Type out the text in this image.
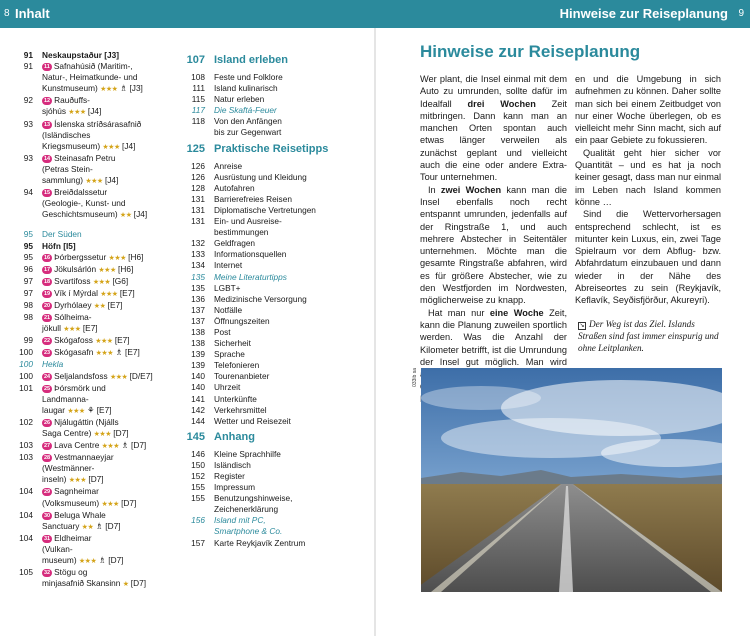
8 Inhalt	Hinweise zur Reiseplanung 9
91	Neskaupstaður [J3]
91	11 Safnahúsið (Maritim-,
Natur-, Heimatkunde- und
Kunstmuseum) ★★★ ♗ [J3]
92	12 Rauðuffs-
sjóhús ★★★ [J4]
93	13 Íslenska stríðsárasafnið
(Isländisches
Kriegsmuseum) ★★★ [J4]
93	14 Steinasafn Petru
(Petras Stein-
sammlung) ★★★ [J4]
94	15 Breiðdalssetur
(Geologie-, Kunst- und
Geschichtsmuseum) ★★ [J4]
95	Der Süden
95	Höfn [I5]
95	16 Þórbergssetur ★★★ [H6]
96	17 Jökulsárlón ★★★ [H6]
97	18 Svartifoss ★★★ [G6]
97	19 Vík í Mýrdal ★★★ [E7]
98	20 Dyrhólaey ★★ [E7]
98	21 Sólheima-
jökull ★★★ [E7]
99	22 Skógafoss ★★★ [E7]
100	23 Skógasafn ★★★ ♗ [E7]
100	Hekla
100	24 Seljalandsfoss ★★★ [D/E7]
101	25 Þórsmörk und
Landmanna-
laugar ★★★ ⚘ [E7]
102	26 Njálugáttin (Njálls
Saga Centre) ★★★ [D7]
103	27 Lava Centre ★★★ ♗ [D7]
103	28 Vestmannaeyjar
(Westmänner-
inseln) ★★★ [D7]
104	29 Sagnheimar
(Volksmuseum) ★★★ [D7]
104	30 Beluga Whale
Sanctuary ★★ ♗ [D7]
104	31 Eldheimar
(Vulkan-
museum) ★★★ ♗ [D7]
105	32 Stögu og
minjasafnið Skansinn ★ [D7]
107 Island erleben
108	Feste und Folklore
111	Island kulinarisch
115	Natur erleben
117	Die Skaftá-Feuer
118	Von den Anfängen
bis zur Gegenwart
125 Praktische Reisetipps
126	Anreise
126	Ausrüstung und Kleidung
128	Autofahren
131	Barrierefreies Reisen
131	Diplomatische Vertretungen
131	Ein- und Ausreise-
bestimmungen
132	Geldfragen
133	Informationsquellen
134	Internet
135	Meine Literaturtipps
135	LGBT+
136	Medizinische Versorgung
137	Notfälle
137	Öffnungszeiten
138	Post
138	Sicherheit
139	Sprache
139	Telefonieren
140	Tourenanbieter
140	Uhrzeit
141	Unterkünfte
142	Verkehrsmittel
144	Wetter und Reisezeit
145 Anhang
146	Kleine Sprachhilfe
150	Isländisch
152	Register
155	Impressum
155	Benutzungshinweise,
Zeichenerklärung
156	Island mit PC,
Smartphone & Co.
157	Karte Reykjavík Zentrum
Hinweise zur Reiseplanung

Wer plant, die Insel einmal mit dem Auto zu umrunden, sollte dafür im Idealfall drei Wochen Zeit mitbringen. Dann kann man an manchen Orten spontan auch etwas länger verweilen als zunächst geplant und vielleicht auch die eine oder andere Extra-Tour unternehmen.

In zwei Wochen kann man die Insel ebenfalls noch recht entspannt umrunden, jedenfalls auf der Ringstraße 1, und auch mehrere Abstecher in Seitentäler unternehmen. Möchte man die gesamte Ringstraße abfahren, wird es für größere Abstecher, wie zu den Westfjorden im Nordwesten, möglicherweise zu knapp.

Hat man nur eine Woche Zeit, kann die Planung zuweilen sportlich werden. Was die Anzahl der Kilometer betrifft, ist die Umrundung der Insel gut möglich. Man wird

en und die Umgebung in sich aufnehmen zu können. Daher sollte man sich bei einem Zeitbudget von nur einer Woche überlegen, ob es vielleicht mehr Sinn macht, sich auf ein paar Gebiete zu fokussieren.

Qualität geht hier sicher vor Quantität – und es hat ja noch keiner gesagt, dass man nur einmal im Leben nach Island kommen könne …

Sind die Wettervorhersagen entsprechend schlecht, ist es mitunter kein Luxus, ein, zwei Tage Spielraum vor dem Abflug- bzw. Abfahrdatum einzubauen und dann wieder in der Nähe des Abreiseortes zu sein (Reykjavík, Keflavík, Seyðisfjörður, Akureyri).

↘ Der Weg ist das Ziel. Islands Straßen sind fast immer einspurig und ohne Leitplanken.
033ib sa
